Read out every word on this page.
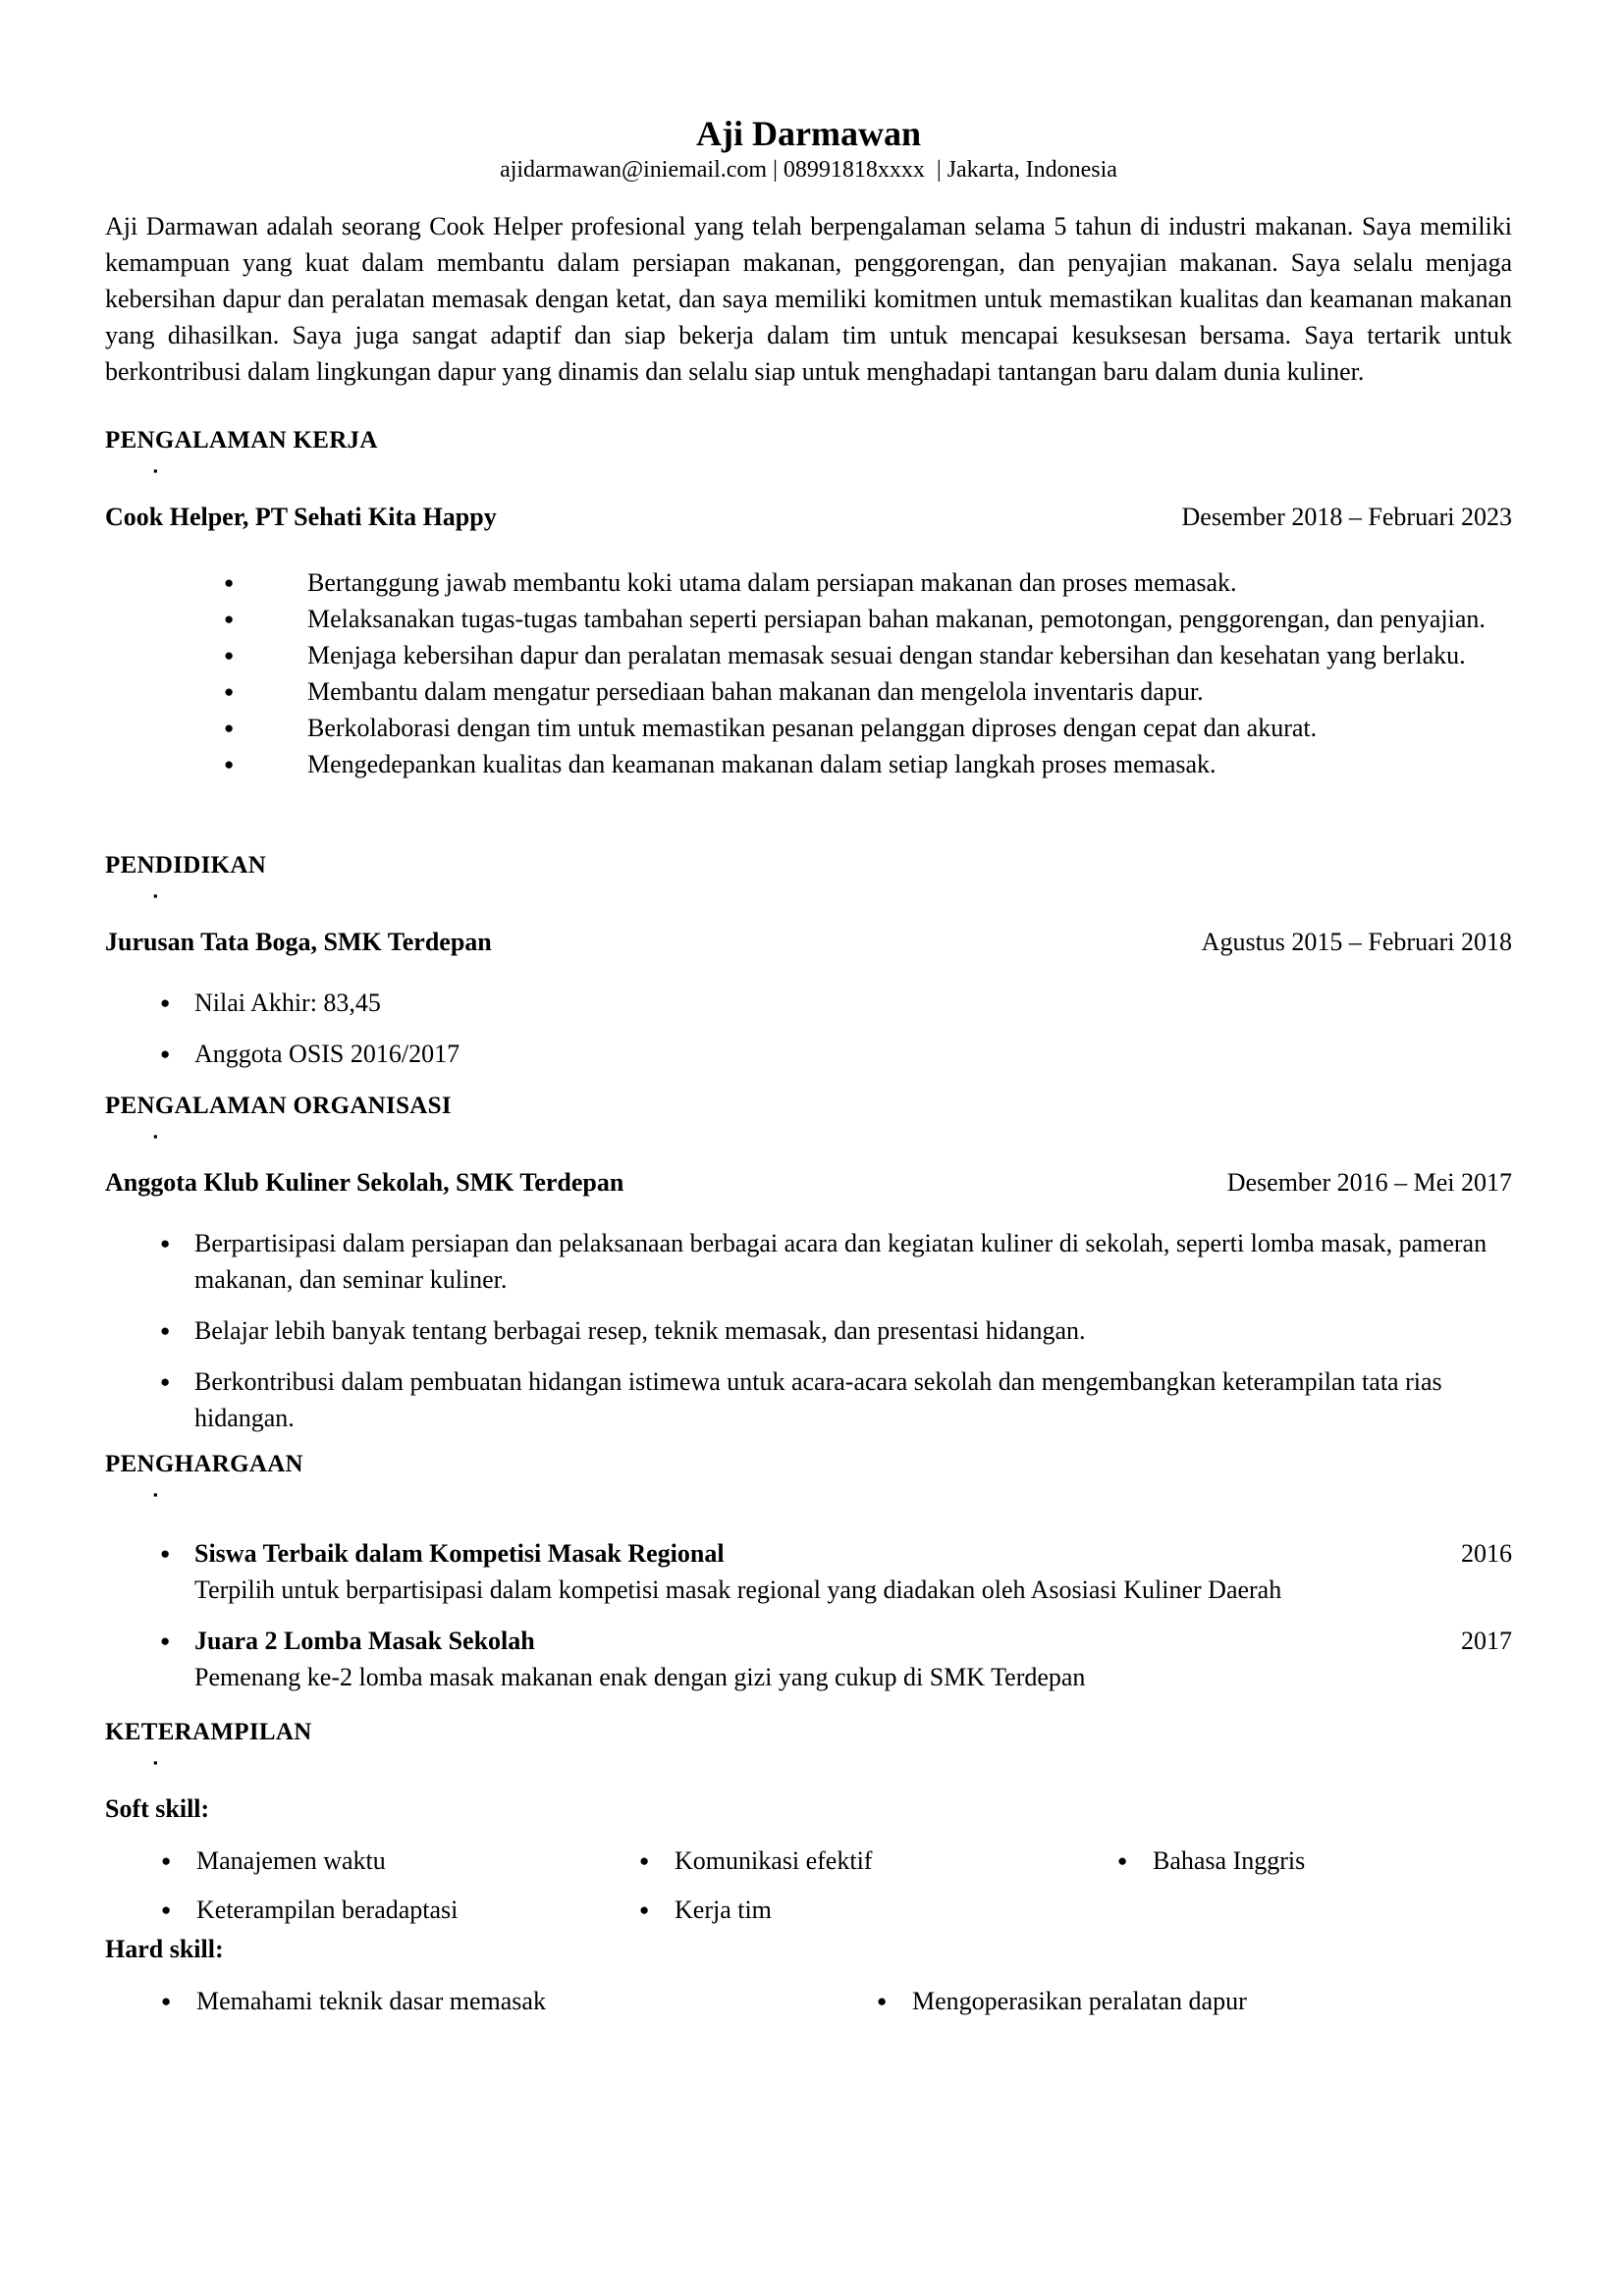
Aji Darmawan
ajidarmawan@iniemail.com | 08991818xxxx  | Jakarta, Indonesia

Aji Darmawan adalah seorang Cook Helper profesional yang telah berpengalaman selama 5 tahun di industri makanan. Saya memiliki kemampuan yang kuat dalam membantu dalam persiapan makanan, penggorengan, dan penyajian makanan. Saya selalu menjaga kebersihan dapur dan peralatan memasak dengan ketat, dan saya memiliki komitmen untuk memastikan kualitas dan keamanan makanan yang dihasilkan. Saya juga sangat adaptif dan siap bekerja dalam tim untuk mencapai kesuksesan bersama. Saya tertarik untuk berkontribusi dalam lingkungan dapur yang dinamis dan selalu siap untuk menghadapi tantangan baru dalam dunia kuliner.

PENGALAMAN KERJA
▪
Cook Helper, PT Sehati Kita Happy	Desember 2018 – Februari 2023
● Bertanggung jawab membantu koki utama dalam persiapan makanan dan proses memasak.
● Melaksanakan tugas-tugas tambahan seperti persiapan bahan makanan, pemotongan, penggorengan, dan penyajian.
● Menjaga kebersihan dapur dan peralatan memasak sesuai dengan standar kebersihan dan kesehatan yang berlaku.
● Membantu dalam mengatur persediaan bahan makanan dan mengelola inventaris dapur.
● Berkolaborasi dengan tim untuk memastikan pesanan pelanggan diproses dengan cepat dan akurat.
● Mengedepankan kualitas dan keamanan makanan dalam setiap langkah proses memasak.
PENDIDIKAN
▪
Jurusan Tata Boga, SMK Terdepan	Agustus 2015 – Februari 2018
● Nilai Akhir: 83,45
● Anggota OSIS 2016/2017
PENGALAMAN ORGANISASI
▪
Anggota Klub Kuliner Sekolah, SMK Terdepan	Desember 2016 – Mei 2017
● Berpartisipasi dalam persiapan dan pelaksanaan berbagai acara dan kegiatan kuliner di sekolah, seperti lomba masak, pameran makanan, dan seminar kuliner.
● Belajar lebih banyak tentang berbagai resep, teknik memasak, dan presentasi hidangan.
● Berkontribusi dalam pembuatan hidangan istimewa untuk acara-acara sekolah dan mengembangkan keterampilan tata rias hidangan.
PENGHARGAAN
▪
● Siswa Terbaik dalam Kompetisi Masak Regional	2016
Terpilih untuk berpartisipasi dalam kompetisi masak regional yang diadakan oleh Asosiasi Kuliner Daerah
● Juara 2 Lomba Masak Sekolah	2017
Pemenang ke-2 lomba masak makanan enak dengan gizi yang cukup di SMK Terdepan
KETERAMPILAN
▪
Soft skill:
● Manajemen waktu	● Komunikasi efektif	● Bahasa Inggris
● Keterampilan beradaptasi	● Kerja tim
Hard skill:
● Memahami teknik dasar memasak	● Mengoperasikan peralatan dapur
